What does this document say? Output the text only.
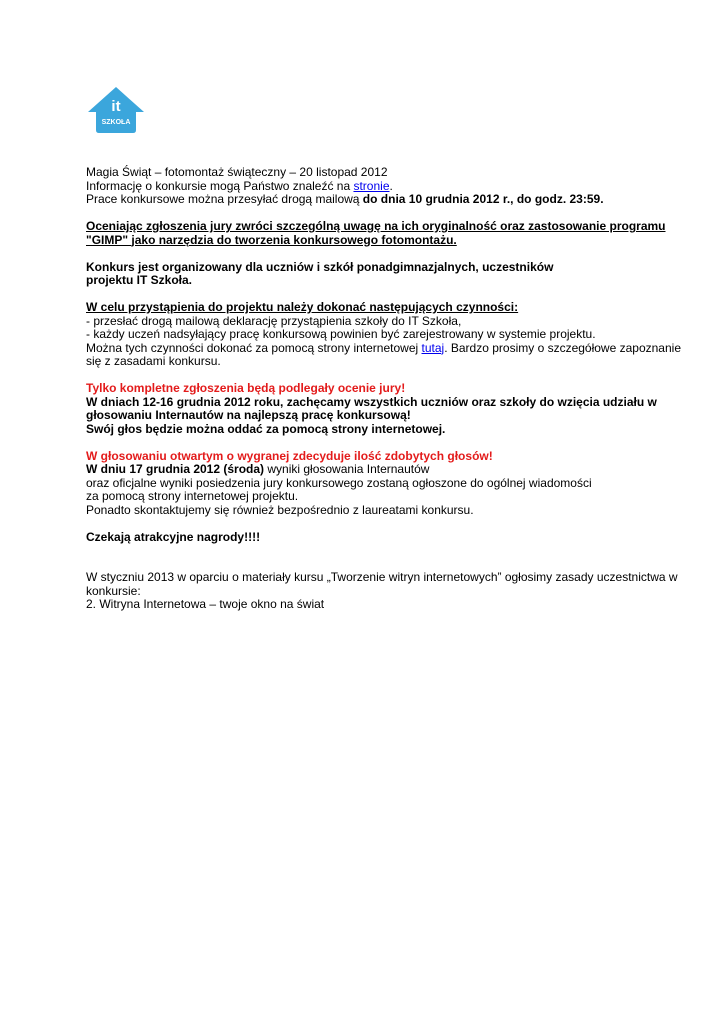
it
SZKOŁA
Magia Świąt – fotomontaż świąteczny – 20 listopad 2012
Informację o konkursie mogą Państwo znaleźć na stronie.
Prace konkursowe można przesyłać drogą mailową do dnia 10 grudnia 2012 r., do godz. 23:59.
Oceniając zgłoszenia jury zwróci szczególną uwagę na ich oryginalność oraz zastosowanie programu
"GIMP" jako narzędzia do tworzenia konkursowego fotomontażu.
Konkurs jest organizowany dla uczniów i szkół ponadgimnazjalnych, uczestników
projektu IT Szkoła.
W celu przystąpienia do projektu należy dokonać następujących czynności:
- przesłać drogą mailową deklarację przystąpienia szkoły do IT Szkoła,
- każdy uczeń nadsyłający pracę konkursową powinien być zarejestrowany w systemie projektu.
Można tych czynności dokonać za pomocą strony internetowej tutaj. Bardzo prosimy o szczegółowe zapoznanie
się z zasadami konkursu.
Tylko kompletne zgłoszenia będą podlegały ocenie jury!
W dniach 12-16 grudnia 2012 roku, zachęcamy wszystkich uczniów oraz szkoły do wzięcia udziału w
głosowaniu Internautów na najlepszą pracę konkursową!
Swój głos będzie można oddać za pomocą strony internetowej.
W głosowaniu otwartym o wygranej zdecyduje ilość zdobytych głosów!
W dniu 17 grudnia 2012 (środa) wyniki głosowania Internautów
oraz oficjalne wyniki posiedzenia jury konkursowego zostaną ogłoszone do ogólnej wiadomości
za pomocą strony internetowej projektu.
Ponadto skontaktujemy się również bezpośrednio z laureatami konkursu.
Czekają atrakcyjne nagrody!!!!
W styczniu 2013 w oparciu o materiały kursu „Tworzenie witryn internetowych” ogłosimy zasady uczestnictwa w
konkursie:
2. Witryna Internetowa – twoje okno na świat
